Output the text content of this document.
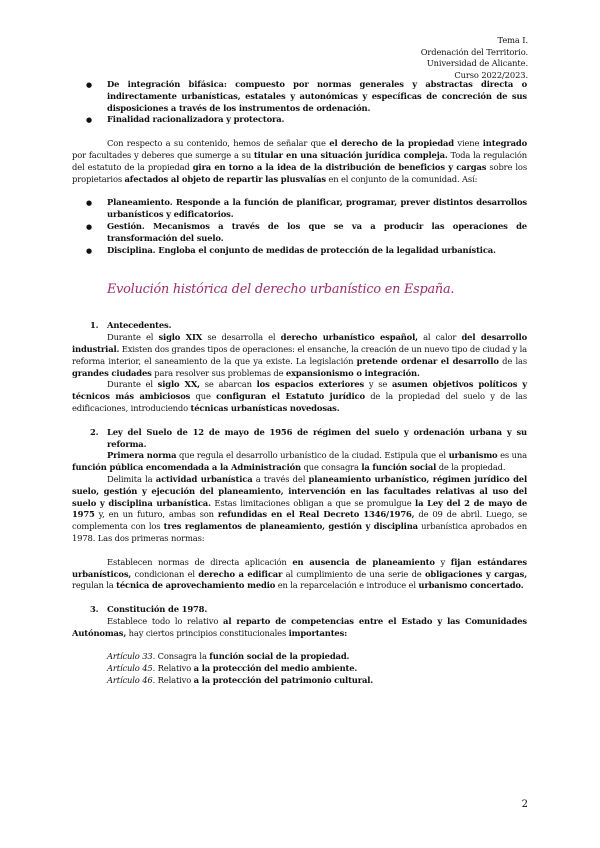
Tema I.
Ordenación del Territorio.
Universidad de Alicante.
Curso 2022/2023.
● De integración bifásica: compuesto por normas generales y abstractas directa o indirectamente urbanísticas, estatales y autonómicas y específicas de concreción de sus disposiciones a través de los instrumentos de ordenación.
● Finalidad racionalizadora y protectora.

Con respecto a su contenido, hemos de señalar que el derecho de la propiedad viene integrado por facultades y deberes que sumerge a su titular en una situación jurídica compleja. Toda la regulación del estatuto de la propiedad gira en torno a la idea de la distribución de beneficios y cargas sobre los propietarios afectados al objeto de repartir las plusvalías en el conjunto de la comunidad. Así:

● Planeamiento. Responde a la función de planificar, programar, prever distintos desarrollos urbanísticos y edificatorios.
● Gestión. Mecanismos a través de los que se va a producir las operaciones de transformación del suelo.
● Disciplina. Engloba el conjunto de medidas de protección de la legalidad urbanística.

Evolución histórica del derecho urbanístico en España.

1. Antecedentes.

Durante el siglo XIX se desarrolla el derecho urbanístico español, al calor del desarrollo industrial. Existen dos grandes tipos de operaciones: el ensanche, la creación de un nuevo tipo de ciudad y la reforma interior, el saneamiento de la que ya existe. La legislación pretende ordenar el desarrollo de las grandes ciudades para resolver sus problemas de expansionismo o integración.

Durante el siglo XX, se abarcan los espacios exteriores y se asumen objetivos políticos y técnicos más ambiciosos que configuran el Estatuto jurídico de la propiedad del suelo y de las edificaciones, introduciendo técnicas urbanísticas novedosas.

2. Ley del Suelo de 12 de mayo de 1956 de régimen del suelo y ordenación urbana y su reforma.

Primera norma que regula el desarrollo urbanístico de la ciudad. Estipula que el urbanismo es una función pública encomendada a la Administración que consagra la función social de la propiedad.

Delimita la actividad urbanística a través del planeamiento urbanístico, régimen jurídico del suelo, gestión y ejecución del planeamiento, intervención en las facultades relativas al uso del suelo y disciplina urbanística. Estas limitaciones obligan a que se promulgue la Ley del 2 de mayo de 1975 y, en un futuro, ambas son refundidas en el Real Decreto 1346/1976, de 09 de abril. Luego, se complementa con los tres reglamentos de planeamiento, gestión y disciplina urbanística aprobados en 1978. Las dos primeras normas:

Establecen normas de directa aplicación en ausencia de planeamiento y fijan estándares urbanísticos, condicionan el derecho a edificar al cumplimiento de una serie de obligaciones y cargas, regulan la técnica de aprovechamiento medio en la reparcelación e introduce el urbanismo concertado.

3. Constitución de 1978.

Establece todo lo relativo al reparto de competencias entre el Estado y las Comunidades Autónomas, hay ciertos principios constitucionales importantes:

Artículo 33. Consagra la función social de la propiedad.

Artículo 45. Relativo a la protección del medio ambiente.

Artículo 46. Relativo a la protección del patrimonio cultural.

2
